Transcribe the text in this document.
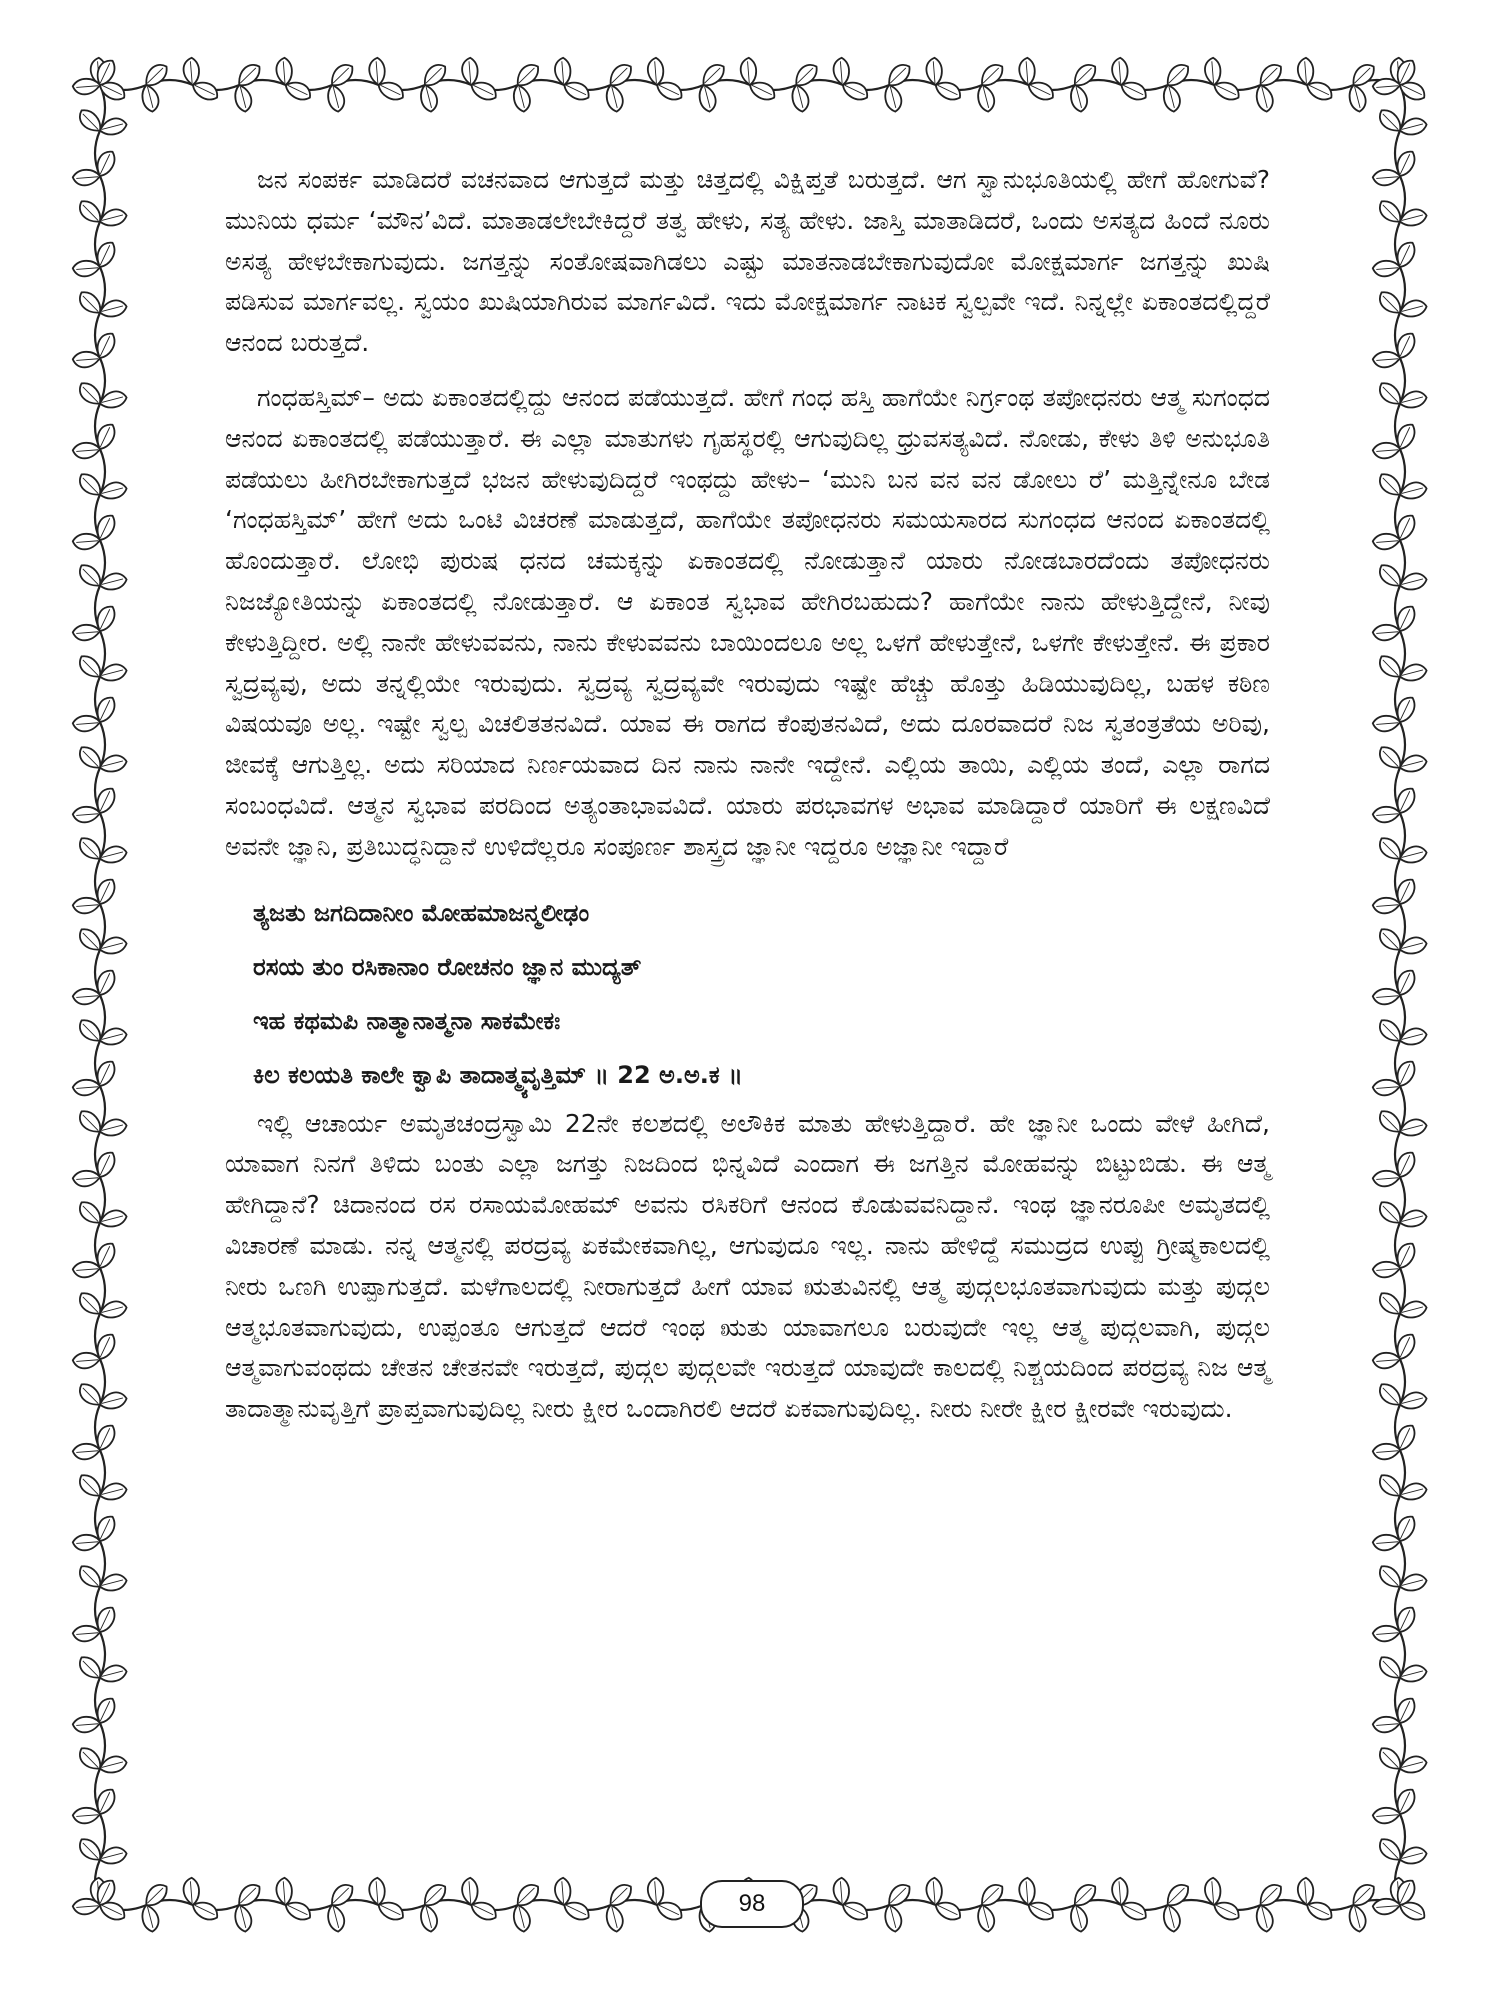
ಜನ ಸಂಪರ್ಕ ಮಾಡಿದರೆ ವಚನವಾದ ಆಗುತ್ತದೆ ಮತ್ತು ಚಿತ್ತದಲ್ಲಿ ವಿಕ್ಷಿಪ್ತತೆ ಬರುತ್ತದೆ. ಆಗ ಸ್ವಾನುಭೂತಿಯಲ್ಲಿ ಹೇಗೆ ಹೋಗುವೆ? ಮುನಿಯ ಧರ್ಮ ‘ಮೌನ’ವಿದೆ. ಮಾತಾಡಲೇಬೇಕಿದ್ದರೆ ತತ್ವ ಹೇಳು, ಸತ್ಯ ಹೇಳು. ಜಾಸ್ತಿ ಮಾತಾಡಿದರೆ, ಒಂದು ಅಸತ್ಯದ ಹಿಂದೆ ನೂರು ಅಸತ್ಯ ಹೇಳಬೇಕಾಗುವುದು. ಜಗತ್ತನ್ನು ಸಂತೋಷವಾಗಿಡಲು ಎಷ್ಟು ಮಾತನಾಡಬೇಕಾಗುವುದೋ ಮೋಕ್ಷಮಾರ್ಗ ಜಗತ್ತನ್ನು ಖುಷಿ ಪಡಿಸುವ ಮಾರ್ಗವಲ್ಲ. ಸ್ವಯಂ ಖುಷಿಯಾಗಿರುವ ಮಾರ್ಗವಿದೆ. ಇದು ಮೋಕ್ಷಮಾರ್ಗ ನಾಟಕ ಸ್ವಲ್ಪವೇ ಇದೆ. ನಿನ್ನಲ್ಲೇ ಏಕಾಂತದಲ್ಲಿದ್ದರೆ ಆನಂದ ಬರುತ್ತದೆ.

ಗಂಧಹಸ್ತಿಮ್– ಅದು ಏಕಾಂತದಲ್ಲಿದ್ದು ಆನಂದ ಪಡೆಯುತ್ತದೆ. ಹೇಗೆ ಗಂಧ ಹಸ್ತಿ ಹಾಗೆಯೇ ನಿರ್ಗ್ರಂಥ ತಪೋಧನರು ಆತ್ಮ ಸುಗಂಧದ ಆನಂದ ಏಕಾಂತದಲ್ಲಿ ಪಡೆಯುತ್ತಾರೆ. ಈ ಎಲ್ಲಾ ಮಾತುಗಳು ಗೃಹಸ್ಥರಲ್ಲಿ ಆಗುವುದಿಲ್ಲ ಧ್ರುವಸತ್ಯವಿದೆ. ನೋಡು, ಕೇಳು ತಿಳಿ ಅನುಭೂತಿ ಪಡೆಯಲು ಹೀಗಿರಬೇಕಾಗುತ್ತದೆ ಭಜನ ಹೇಳುವುದಿದ್ದರೆ ಇಂಥದ್ದು ಹೇಳು– ‘ಮುನಿ ಬನ ವನ ವನ ಡೋಲು ರೆ’ ಮತ್ತಿನ್ನೇನೂ ಬೇಡ ‘ಗಂಧಹಸ್ತಿಮ್’ ಹೇಗೆ ಅದು ಒಂಟಿ ವಿಚರಣೆ ಮಾಡುತ್ತದೆ, ಹಾಗೆಯೇ ತಪೋಧನರು ಸಮಯಸಾರದ ಸುಗಂಧದ ಆನಂದ ಏಕಾಂತದಲ್ಲಿ ಹೊಂದುತ್ತಾರೆ. ಲೋಭಿ ಪುರುಷ ಧನದ ಚಮಕ್ಕನ್ನು ಏಕಾಂತದಲ್ಲಿ ನೋಡುತ್ತಾನೆ ಯಾರು ನೋಡಬಾರದೆಂದು ತಪೋಧನರು ನಿಜಜ್ಯೋತಿಯನ್ನು ಏಕಾಂತದಲ್ಲಿ ನೋಡುತ್ತಾರೆ. ಆ ಏಕಾಂತ ಸ್ವಭಾವ ಹೇಗಿರಬಹುದು? ಹಾಗೆಯೇ ನಾನು ಹೇಳುತ್ತಿದ್ದೇನೆ, ನೀವು ಕೇಳುತ್ತಿದ್ದೀರ. ಅಲ್ಲಿ ನಾನೇ ಹೇಳುವವನು, ನಾನು ಕೇಳುವವನು ಬಾಯಿಂದಲೂ ಅಲ್ಲ ಒಳಗೆ ಹೇಳುತ್ತೇನೆ, ಒಳಗೇ ಕೇಳುತ್ತೇನೆ. ಈ ಪ್ರಕಾರ ಸ್ವದ್ರವ್ಯವು, ಅದು ತನ್ನಲ್ಲಿಯೇ ಇರುವುದು. ಸ್ವದ್ರವ್ಯ ಸ್ವದ್ರವ್ಯವೇ ಇರುವುದು ಇಷ್ಟೇ ಹೆಚ್ಚು ಹೊತ್ತು ಹಿಡಿಯುವುದಿಲ್ಲ, ಬಹಳ ಕಠಿಣ ವಿಷಯವೂ ಅಲ್ಲ. ಇಷ್ಟೇ ಸ್ವಲ್ಪ ವಿಚಲಿತತನವಿದೆ. ಯಾವ ಈ ರಾಗದ ಕೆಂಪುತನವಿದೆ, ಅದು ದೂರವಾದರೆ ನಿಜ ಸ್ವತಂತ್ರತೆಯ ಅರಿವು, ಜೀವಕ್ಕೆ ಆಗುತ್ತಿಲ್ಲ. ಅದು ಸರಿಯಾದ ನಿರ್ಣಯವಾದ ದಿನ ನಾನು ನಾನೇ ಇದ್ದೇನೆ. ಎಲ್ಲಿಯ ತಾಯಿ, ಎಲ್ಲಿಯ ತಂದೆ, ಎಲ್ಲಾ ರಾಗದ ಸಂಬಂಧವಿದೆ. ಆತ್ಮನ ಸ್ವಭಾವ ಪರದಿಂದ ಅತ್ಯಂತಾಭಾವವಿದೆ. ಯಾರು ಪರಭಾವಗಳ ಅಭಾವ ಮಾಡಿದ್ದಾರೆ ಯಾರಿಗೆ ಈ ಲಕ್ಷಣವಿದೆ ಅವನೇ ಜ್ಞಾನಿ, ಪ್ರತಿಬುದ್ಧನಿದ್ದಾನೆ ಉಳಿದೆಲ್ಲರೂ ಸಂಪೂರ್ಣ ಶಾಸ್ತ್ರದ ಜ್ಞಾನೀ ಇದ್ದರೂ ಅಜ್ಞಾನೀ ಇದ್ದಾರೆ

ತ್ಯಜತು ಜಗದಿದಾನೀಂ ಮೋಹಮಾಜನ್ಮಲೀಢಂ
ರಸಯ ತುಂ ರಸಿಕಾನಾಂ ರೋಚನಂ ಜ್ಞಾನ ಮುದ್ಯತ್
ಇಹ ಕಥಮಪಿ ನಾತ್ಮಾನಾತ್ಮನಾ ಸಾಕಮೇಕಃ
ಕಿಲ ಕಲಯತಿ ಕಾಲೇ ಕ್ವಾಪಿ ತಾದಾತ್ಮ್ಯವೃತ್ತಿಮ್ ॥ 22 ಅ.ಅ.ಕ ॥

ಇಲ್ಲಿ ಆಚಾರ್ಯ ಅಮೃತಚಂದ್ರಸ್ವಾಮಿ 22ನೇ ಕಲಶದಲ್ಲಿ ಅಲೌಕಿಕ ಮಾತು ಹೇಳುತ್ತಿದ್ದಾರೆ. ಹೇ ಜ್ಞಾನೀ ಒಂದು ವೇಳೆ ಹೀಗಿದೆ, ಯಾವಾಗ ನಿನಗೆ ತಿಳಿದು ಬಂತು ಎಲ್ಲಾ ಜಗತ್ತು ನಿಜದಿಂದ ಭಿನ್ನವಿದೆ ಎಂದಾಗ ಈ ಜಗತ್ತಿನ ಮೋಹವನ್ನು ಬಿಟ್ಟುಬಿಡು. ಈ ಆತ್ಮ ಹೇಗಿದ್ದಾನೆ? ಚಿದಾನಂದ ರಸ ರಸಾಯಮೋಹಮ್ ಅವನು ರಸಿಕರಿಗೆ ಆನಂದ ಕೊಡುವವನಿದ್ದಾನೆ. ಇಂಥ ಜ್ಞಾನರೂಪೀ ಅಮೃತದಲ್ಲಿ ವಿಚಾರಣೆ ಮಾಡು. ನನ್ನ ಆತ್ಮನಲ್ಲಿ ಪರದ್ರವ್ಯ ಏಕಮೇಕವಾಗಿಲ್ಲ, ಆಗುವುದೂ ಇಲ್ಲ. ನಾನು ಹೇಳಿದ್ದೆ ಸಮುದ್ರದ ಉಪ್ಪು ಗ್ರೀಷ್ಮಕಾಲದಲ್ಲಿ ನೀರು ಒಣಗಿ ಉಪ್ಪಾಗುತ್ತದೆ. ಮಳೆಗಾಲದಲ್ಲಿ ನೀರಾಗುತ್ತದೆ ಹೀಗೆ ಯಾವ ಋತುವಿನಲ್ಲಿ ಆತ್ಮ ಪುದ್ಗಲಭೂತವಾಗುವುದು ಮತ್ತು ಪುದ್ಗಲ ಆತ್ಮಭೂತವಾಗುವುದು, ಉಪ್ಪಂತೂ ಆಗುತ್ತದೆ ಆದರೆ ಇಂಥ ಋತು ಯಾವಾಗಲೂ ಬರುವುದೇ ಇಲ್ಲ ಆತ್ಮ ಪುದ್ಗಲವಾಗಿ, ಪುದ್ಗಲ ಆತ್ಮವಾಗುವಂಥದು ಚೇತನ ಚೇತನವೇ ಇರುತ್ತದೆ, ಪುದ್ಗಲ ಪುದ್ಗಲವೇ ಇರುತ್ತದೆ ಯಾವುದೇ ಕಾಲದಲ್ಲಿ ನಿಶ್ಚಯದಿಂದ ಪರದ್ರವ್ಯ ನಿಜ ಆತ್ಮ ತಾದಾತ್ಮಾನುವೃತ್ತಿಗೆ ಪ್ರಾಪ್ತವಾಗುವುದಿಲ್ಲ ನೀರು ಕ್ಷೀರ ಒಂದಾಗಿರಲಿ ಆದರೆ ಏಕವಾಗುವುದಿಲ್ಲ. ನೀರು ನೀರೇ ಕ್ಷೀರ ಕ್ಷೀರವೇ ಇರುವುದು.

98
